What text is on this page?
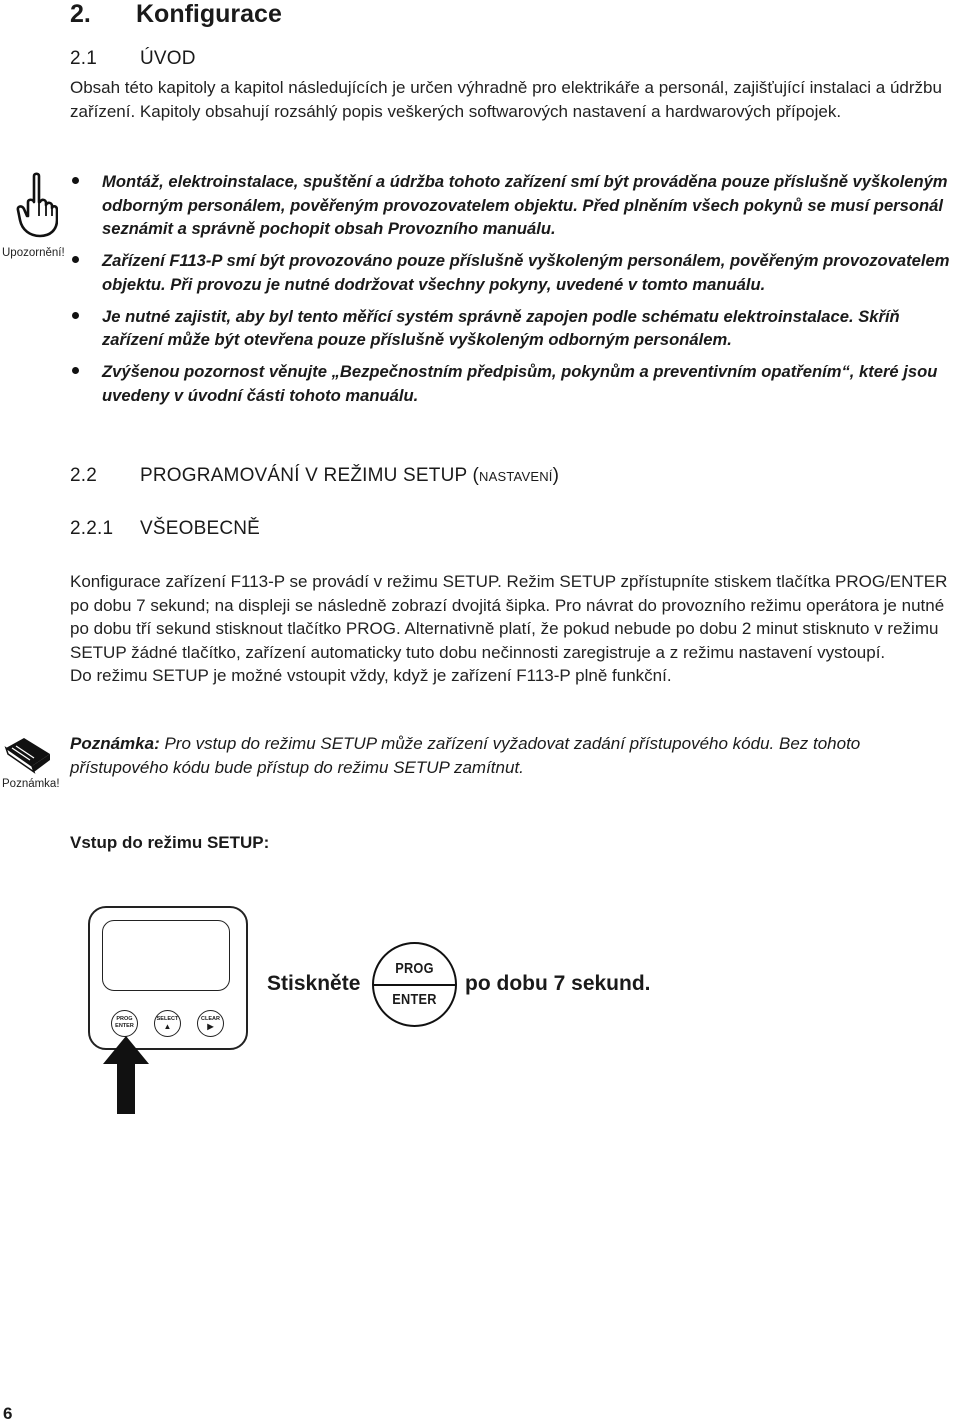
2. Konfigurace
2.1 ÚVOD

Obsah této kapitoly a kapitol následujících je určen výhradně pro elektrikáře a personál, zajišťující instalaci a údržbu zařízení. Kapitoly obsahují rozsáhlý popis veškerých softwarových nastavení a hardwarových přípojek.

Upozornění!
Montáž, elektroinstalace, spuštění a údržba tohoto zařízení smí být prováděna pouze příslušně vyškoleným odborným personálem, pověřeným provozovatelem objektu. Před plněním všech pokynů se musí personál seznámit a správně pochopit obsah Provozního manuálu.
Zařízení F113-P smí být provozováno pouze příslušně vyškoleným personálem, pověřeným provozovatelem objektu. Při provozu je nutné dodržovat všechny pokyny, uvedené v tomto manuálu.
Je nutné zajistit, aby byl tento měřící systém správně zapojen podle schématu elektroinstalace. Skříň zařízení může být otevřena pouze příslušně vyškoleným odborným personálem.
Zvýšenou pozornost věnujte „Bezpečnostním předpisům, pokynům a preventivním opatřením“, které jsou uvedeny v úvodní části tohoto manuálu.
2.2 PROGRAMOVÁNÍ V REŽIMU SETUP (NASTAVENÍ)
2.2.1 VŠEOBECNĚ

Konfigurace zařízení F113-P se provádí v režimu SETUP. Režim SETUP zpřístupníte stiskem tlačítka PROG/ENTER po dobu 7 sekund; na displeji se následně zobrazí dvojitá šipka. Pro návrat do provozního režimu operátora je nutné po dobu tří sekund stisknout tlačítko PROG. Alternativně platí, že pokud nebude po dobu 2 minut stisknuto v režimu SETUP žádné tlačítko, zařízení automaticky tuto dobu nečinnosti zaregistruje a z režimu nastavení vystoupí.

Do režimu SETUP je možné vstoupit vždy, když je zařízení F113-P plně funkční.

Poznámka!
Poznámka: Pro vstup do režimu SETUP může zařízení vyžadovat zadání přístupového kódu. Bez tohoto přístupového kódu bude přístup do režimu SETUP zamítnut.
Vstup do režimu SETUP:
PROG
ENTER
SELECT
▲
CLEAR
▶
Stiskněte
PROG
ENTER
po dobu 7 sekund.
6
